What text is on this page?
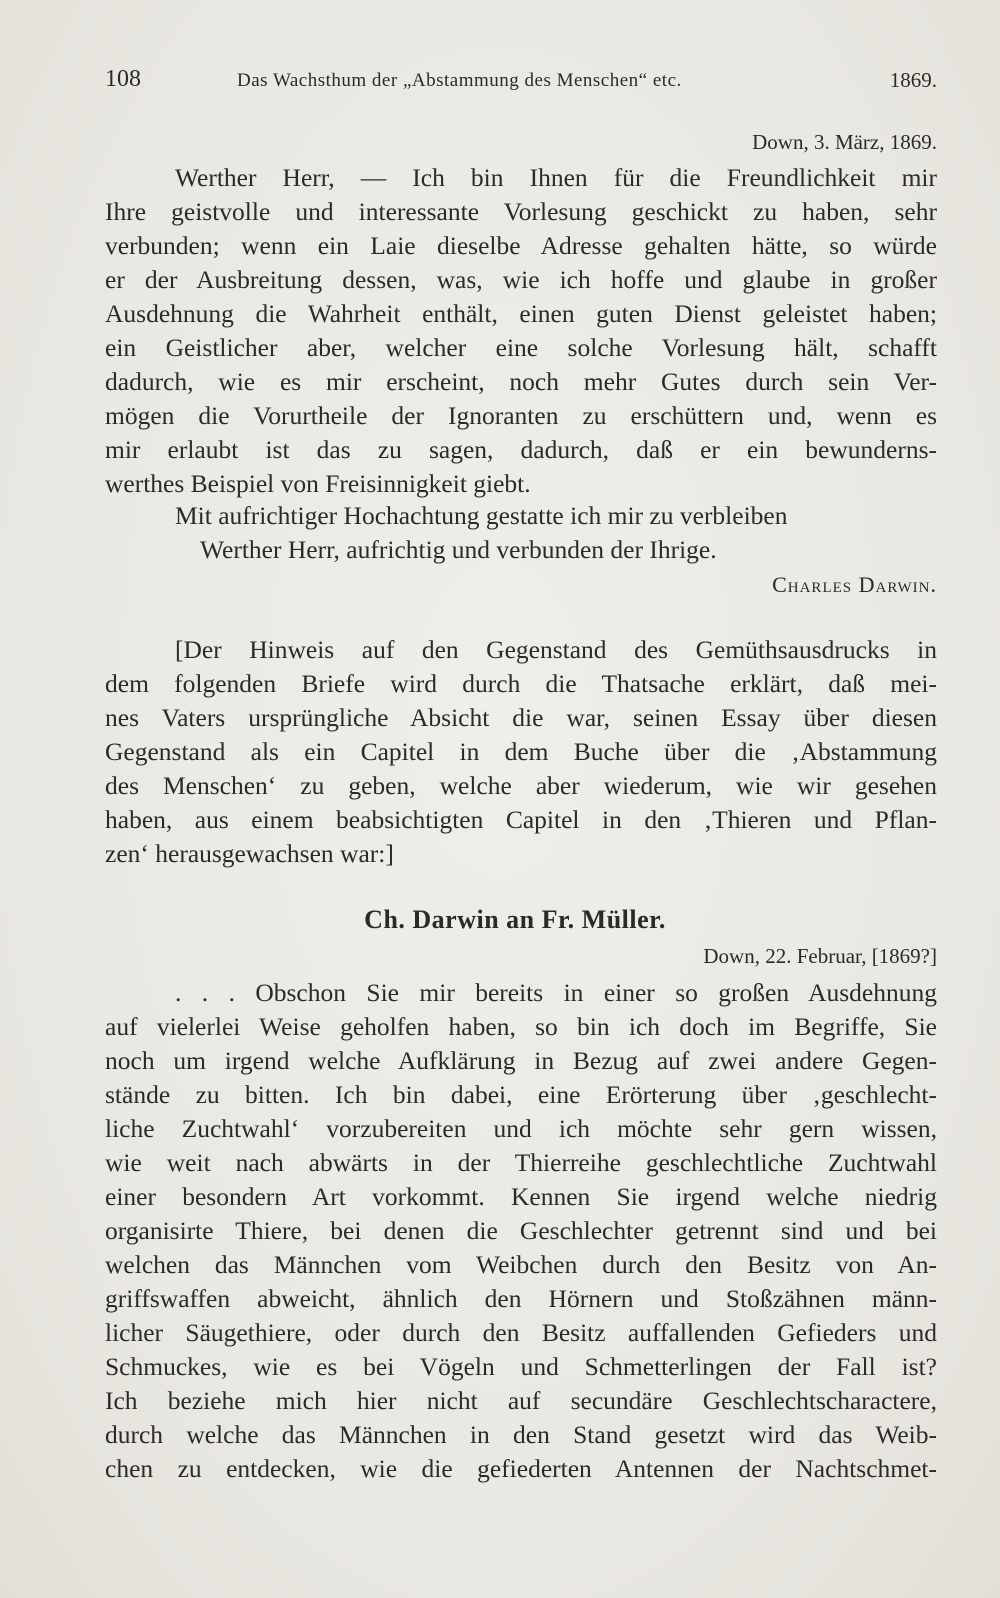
108	Das Wachsthum der „Abstammung des Menschen“ etc.	1869.
Down, 3. März, 1869.
Werther Herr, — Ich bin Ihnen für die Freundlichkeit mir
Ihre geistvolle und interessante Vorlesung geschickt zu haben, sehr
verbunden; wenn ein Laie dieselbe Adresse gehalten hätte, so würde
er der Ausbreitung dessen, was, wie ich hoffe und glaube in großer
Ausdehnung die Wahrheit enthält, einen guten Dienst geleistet haben;
ein Geistlicher aber, welcher eine solche Vorlesung hält, schafft
dadurch, wie es mir erscheint, noch mehr Gutes durch sein Ver-
mögen die Vorurtheile der Ignoranten zu erschüttern und, wenn es
mir erlaubt ist das zu sagen, dadurch, daß er ein bewunderns-
werthes Beispiel von Freisinnigkeit giebt.
Mit aufrichtiger Hochachtung gestatte ich mir zu verbleiben
Werther Herr, aufrichtig und verbunden der Ihrige.
Charles Darwin.
[Der Hinweis auf den Gegenstand des Gemüthsausdrucks in
dem folgenden Briefe wird durch die Thatsache erklärt, daß mei-
nes Vaters ursprüngliche Absicht die war, seinen Essay über diesen
Gegenstand als ein Capitel in dem Buche über die ‚Abstammung
des Menschen‘ zu geben, welche aber wiederum, wie wir gesehen
haben, aus einem beabsichtigten Capitel in den ‚Thieren und Pflan-
zen‘ herausgewachsen war:]
Ch. Darwin an Fr. Müller.
Down, 22. Februar, [1869?]
. . . Obschon Sie mir bereits in einer so großen Ausdehnung
auf vielerlei Weise geholfen haben, so bin ich doch im Begriffe, Sie
noch um irgend welche Aufklärung in Bezug auf zwei andere Gegen-
stände zu bitten. Ich bin dabei, eine Erörterung über ‚geschlecht-
liche Zuchtwahl‘ vorzubereiten und ich möchte sehr gern wissen,
wie weit nach abwärts in der Thierreihe geschlechtliche Zuchtwahl
einer besondern Art vorkommt. Kennen Sie irgend welche niedrig
organisirte Thiere, bei denen die Geschlechter getrennt sind und bei
welchen das Männchen vom Weibchen durch den Besitz von An-
griffswaffen abweicht, ähnlich den Hörnern und Stoßzähnen männ-
licher Säugethiere, oder durch den Besitz auffallenden Gefieders und
Schmuckes, wie es bei Vögeln und Schmetterlingen der Fall ist?
Ich beziehe mich hier nicht auf secundäre Geschlechtscharactere,
durch welche das Männchen in den Stand gesetzt wird das Weib-
chen zu entdecken, wie die gefiederten Antennen der Nachtschmet-
